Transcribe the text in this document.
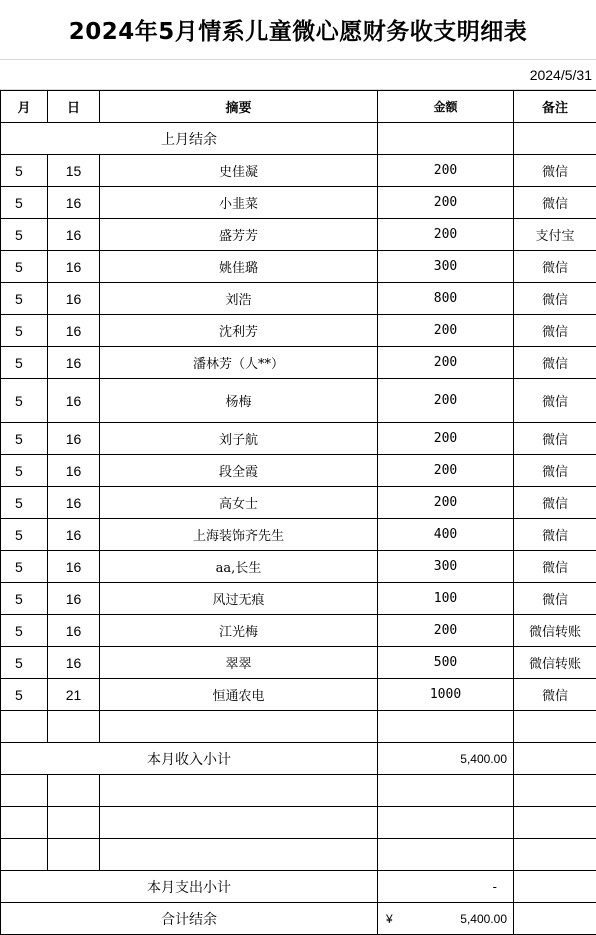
2024年5月情系儿童微心愿财务收支明细表
2024/5/31
月	日	摘要	金额	备注
上月结余				
5	15	史佳凝	200	微信
5	16	小韭菜	200	微信
5	16	盛芳芳	200	支付宝
5	16	姚佳璐	300	微信
5	16	刘浩	800	微信
5	16	沈利芳	200	微信
5	16	潘林芳（人**）	200	微信
5	16	杨梅	200	微信
5	16	刘子航	200	微信
5	16	段全霞	200	微信
5	16	高女士	200	微信
5	16	上海装饰齐先生	400	微信
5	16	aa,长生	300	微信
5	16	风过无痕	100	微信
5	16	江光梅	200	微信转账
5	16	翠翠	500	微信转账
5	21	恒通农电	1000	微信

本月收入小计			5,400.00	

本月支出小计			-	
合计结余			¥ 5,400.00	
